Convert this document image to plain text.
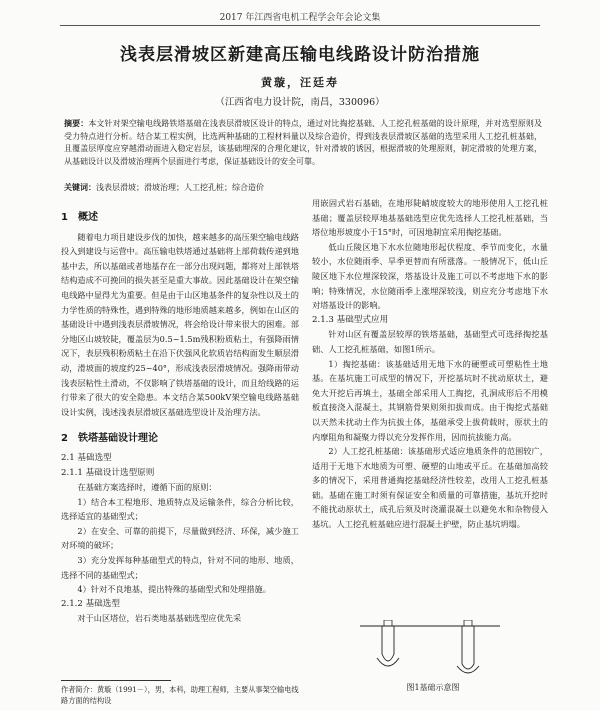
2017 年江西省电机工程学会年会论文集
浅表层滑坡区新建高压输电线路设计防治措施
黄璇，汪廷寿
（江西省电力设计院，南昌，330096）
摘要：本文针对架空输电线路铁塔基础在浅表层滑坡区设计的特点，通过对比掏挖基础、人工挖孔桩基础的设计原理，并对选型原则及受力特点进行分析。结合某工程实例，比选两种基础的工程材料量以及综合造价，得到浅表层滑坡区基础的选型采用人工挖孔桩基础，且覆盖层厚度应穿越滑动面进入稳定岩层，该基础埋深的合理化建议，针对滑坡的诱因，根据滑坡的处理原则，制定滑坡的处理方案，从基础设计以及滑坡治理两个层面进行考虑，保证基础设计的安全可靠。
关键词：浅表层滑坡；滑坡治理；人工挖孔桩；综合造价
1　概述

随着电力项目建设步伐的加快，越来越多的高压架空输电线路投入到建设与运营中。高压输电铁塔通过基础将上部荷载传递到地基中去，所以基础或者地基存在一部分出现问题，都将对上部铁塔结构造成不可挽回的损失甚至是重大事故。因此基础设计在架空输电线路中显得尤为重要。但是由于山区地基条件的复杂性以及土的力学性质的特殊性，遇到特殊的地形地质越来越多，例如在山区的基础设计中遇到浅表层滑坡情况，将会给设计带来很大的困难。部分地区山坡较陡，覆盖层为0.5~1.5m残积粉质粘土，有强降雨情况下，表层残积粉质粘土在沿下伏强风化软质岩结构面发生顺层滑动，滑坡面的坡度约25~40°，形成浅表层滑坡情况。强降雨带动浅表层粘性土滑动，不仅影响了铁塔基础的设计，而且给线路的运行带来了很大的安全隐患。本文结合某500kV架空输电线路基础设计实例，浅述浅表层滑坡区基础选型设计及治理方法。

2　铁塔基础设计理论
2.1 基础选型
2.1.1 基础设计选型原则

在基础方案选择时，遵循下面的原则：

1）结合本工程地形、地质特点及运输条件，综合分析比较，选择适宜的基础型式；

2）在安全、可靠的前提下，尽量做到经济、环保，减少施工对环境的破坏；

3）充分发挥每种基础型式的特点，针对不同的地形、地质，选择不同的基础型式；

4）针对不良地基，提出特殊的基础型式和处理措施。

2.1.2 基础选型

对于山区塔位，岩石类地基基础选型应优先采

用嵌固式岩石基础，在地形陡峭坡度较大的地形使用人工挖孔桩基础；覆盖层较厚地基基础选型应优先选择人工挖孔桩基础，当塔位地形坡度小于15°时，可因地制宜采用掏挖基础。

低山丘陵区地下水水位随地形起伏程度、季节而变化，水量较小，水位随雨季、旱季更替而有所涨落。一般情况下，低山丘陵区地下水位埋深较深，塔基设计及施工可以不考虑地下水的影响；特殊情况，水位随雨季上涨埋深较浅，则应充分考虑地下水对塔基设计的影响。

2.1.3 基础型式应用

针对山区有覆盖层较厚的铁塔基础，基础型式可选择掏挖基础、人工挖孔桩基础，如图1所示。

1）掏挖基础：该基础适用无地下水的硬塑或可塑粘性土地基。在基坑施工可成型的情况下，开挖基坑时不扰动原状土，避免大开挖后再填土，基础全部采用人工掏挖，孔洞成形后不用模板直接浇入混凝土，其钢筋骨架则须扣拔而成。由于掏挖式基础以天然未扰动土作为抗拔土体，基础承受上拔荷载时，原状土的内摩阻角和凝聚力得以充分发挥作用，因而抗拔能力高。

2）人工挖孔桩基础：该基础形式适应地质条件的范围较广，适用于无地下水地质为可塑、硬塑的山地或平丘。在基础加高较多的情况下，采用普通掏挖基础经济性较差，改用人工挖孔桩基础。基础在施工时须有保证安全和质量的可靠措施，基坑开挖时不能扰动原状土，成孔后须及时浇灌混凝土以避免水和杂物侵入基坑。人工挖孔桩基础应进行混凝土护壁，防止基坑坍塌。

图1基础示意图
作者简介：黄璇（1991－），男，本科，助理工程师，主要从事架空输电线路方面的结构设
